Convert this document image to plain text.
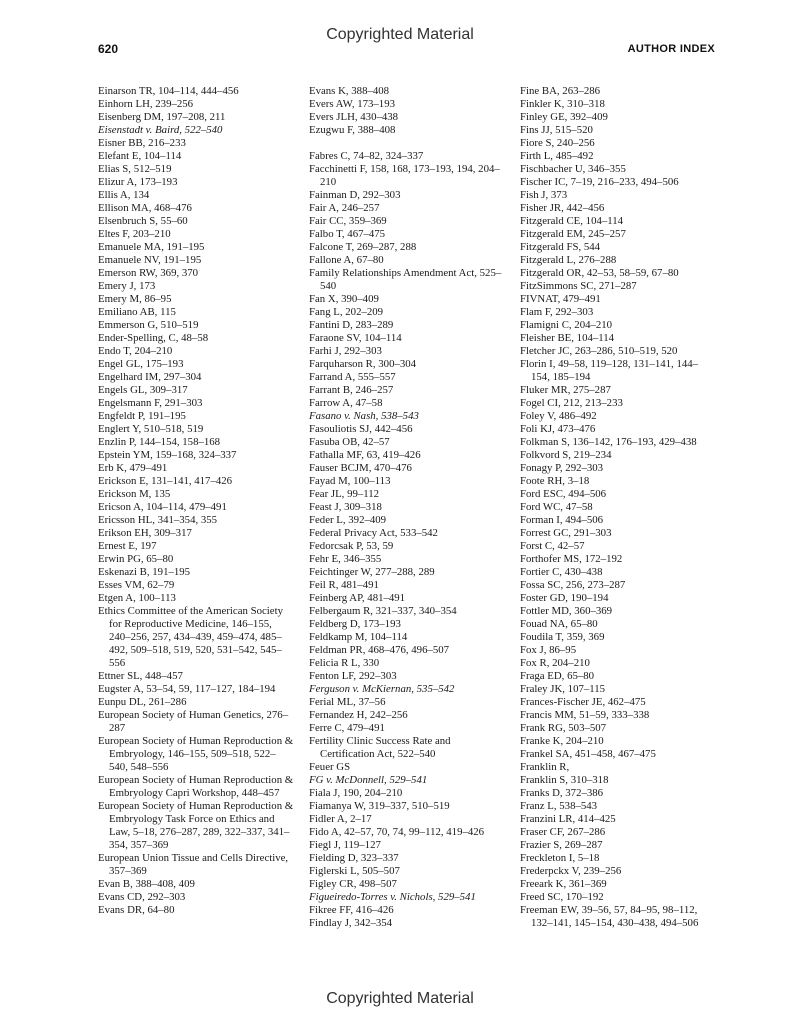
Copyrighted Material
620	AUTHOR INDEX

Einarson TR, 104–114, 444–456

Einhorn LH, 239–256

Eisenberg DM, 197–208, 211

Eisenstadt v. Baird, 522–540

Eisner BB, 216–233

Elefant E, 104–114

Elias S, 512–519

Elizur A, 173–193

Ellis A, 134

Ellison MA, 468–476

Elsenbruch S, 55–60

Eltes F, 203–210

Emanuele MA, 191–195

Emanuele NV, 191–195

Emerson RW, 369, 370

Emery J, 173

Emery M, 86–95

Emiliano AB, 115

Emmerson G, 510–519

Ender-Spelling, C, 48–58

Endo T, 204–210

Engel GL, 175–193

Engelhard IM, 297–304

Engels GL, 309–317

Engelsmann F, 291–303

Engfeldt P, 191–195

Englert Y, 510–518, 519

Enzlin P, 144–154, 158–168

Epstein YM, 159–168, 324–337

Erb K, 479–491

Erickson E, 131–141, 417–426

Erickson M, 135

Ericson A, 104–114, 479–491

Ericsson HL, 341–354, 355

Erikson EH, 309–317

Ernest E, 197

Erwin PG, 65–80

Eskenazi B, 191–195

Esses VM, 62–79

Etgen A, 100–113

Ethics Committee of the American Society for Reproductive Medicine, 146–155, 240–256, 257, 434–439, 459–474, 485–492, 509–518, 519, 520, 531–542, 545–556

Ettner SL, 448–457

Eugster A, 53–54, 59, 117–127, 184–194

Eunpu DL, 261–286

European Society of Human Genetics, 276–287

European Society of Human Reproduction & Embryology, 146–155, 509–518, 522–540, 548–556

European Society of Human Reproduction & Embryology Capri Workshop, 448–457

European Society of Human Reproduction & Embryology Task Force on Ethics and Law, 5–18, 276–287, 289, 322–337, 341–354, 357–369

European Union Tissue and Cells Directive, 357–369

Evan B, 388–408, 409

Evans CD, 292–303

Evans DR, 64–80

Evans K, 388–408

Evers AW, 173–193

Evers JLH, 430–438

Ezugwu F, 388–408

Fabres C, 74–82, 324–337

Facchinetti F, 158, 168, 173–193, 194, 204–210

Fainman D, 292–303

Fair A, 246–257

Fair CC, 359–369

Falbo T, 467–475

Falcone T, 269–287, 288

Fallone A, 67–80

Family Relationships Amendment Act, 525–540

Fan X, 390–409

Fang L, 202–209

Fantini D, 283–289

Faraone SV, 104–114

Farhi J, 292–303

Farquharson R, 300–304

Farrand A, 555–557

Farrant B, 246–257

Farrow A, 47–58

Fasano v. Nash, 538–543

Fasouliotis SJ, 442–456

Fasuba OB, 42–57

Fathalla MF, 63, 419–426

Fauser BCJM, 470–476

Fayad M, 100–113

Fear JL, 99–112

Feast J, 309–318

Feder L, 392–409

Federal Privacy Act, 533–542

Fedorcsak P, 53, 59

Fehr E, 346–355

Feichtinger W, 277–288, 289

Feil R, 481–491

Feinberg AP, 481–491

Felbergaum R, 321–337, 340–354

Feldberg D, 173–193

Feldkamp M, 104–114

Feldman PR, 468–476, 496–507

Felicia R L, 330

Fenton LF, 292–303

Ferguson v. McKiernan, 535–542

Ferial ML, 37–56

Fernandez H, 242–256

Ferre C, 479–491

Fertility Clinic Success Rate and Certification Act, 522–540

Feuer GS

FG v. McDonnell, 529–541

Fiala J, 190, 204–210

Fiamanya W, 319–337, 510–519

Fidler A, 2–17

Fido A, 42–57, 70, 74, 99–112, 419–426

Fiegl J, 119–127

Fielding D, 323–337

Figlerski L, 505–507

Figley CR, 498–507

Figueiredo-Torres v. Nichols, 529–541

Fikree FF, 416–426

Findlay J, 342–354

Fine BA, 263–286

Finkler K, 310–318

Finley GE, 392–409

Fins JJ, 515–520

Fiore S, 240–256

Firth L, 485–492

Fischbacher U, 346–355

Fischer IC, 7–19, 216–233, 494–506

Fish J, 373

Fisher JR, 442–456

Fitzgerald CE, 104–114

Fitzgerald EM, 245–257

Fitzgerald FS, 544

Fitzgerald L, 276–288

Fitzgerald OR, 42–53, 58–59, 67–80

FitzSimmons SC, 271–287

FIVNAT, 479–491

Flam F, 292–303

Flamigni C, 204–210

Fleisher BE, 104–114

Fletcher JC, 263–286, 510–519, 520

Florin I, 49–58, 119–128, 131–141, 144–154, 185–194

Fluker MR, 275–287

Fogel CI, 212, 213–233

Foley V, 486–492

Foli KJ, 473–476

Folkman S, 136–142, 176–193, 429–438

Folkvord S, 219–234

Fonagy P, 292–303

Foote RH, 3–18

Ford ESC, 494–506

Ford WC, 47–58

Forman I, 494–506

Forrest GC, 291–303

Forst C, 42–57

Forthofer MS, 172–192

Fortier C, 430–438

Fossa SC, 256, 273–287

Foster GD, 190–194

Fottler MD, 360–369

Fouad NA, 65–80

Foudila T, 359, 369

Fox J, 86–95

Fox R, 204–210

Fraga ED, 65–80

Fraley JK, 107–115

Frances-Fischer JE, 462–475

Francis MM, 51–59, 333–338

Frank RG, 503–507

Franke K, 204–210

Frankel SA, 451–458, 467–475

Franklin R,

Franklin S, 310–318

Franks D, 372–386

Franz L, 538–543

Franzini LR, 414–425

Fraser CF, 267–286

Frazier S, 269–287

Freckleton I, 5–18

Frederpckx V, 239–256

Freeark K, 361–369

Freed SC, 170–192

Freeman EW, 39–56, 57, 84–95, 98–112, 132–141, 145–154, 430–438, 494–506

Copyrighted Material
